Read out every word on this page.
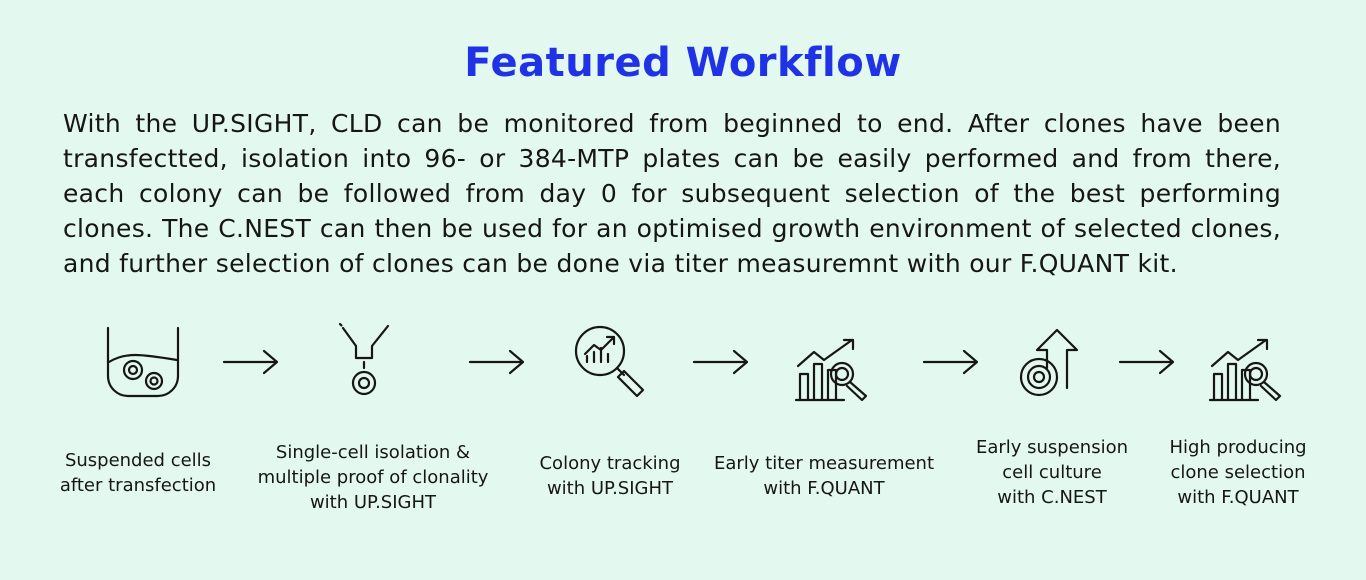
Featured Workflow
With the UP.SIGHT, CLD can be monitored from beginned to end. After clones have been transfectted, isolation into 96- or 384-MTP plates can be easily performed and from there, each colony can be followed from day 0 for subsequent selection of the best performing clones. The C.NEST can then be used for an optimised growth environment of selected clones, and further selection of clones can be done via titer measuremnt with our F.QUANT kit.
Suspended cells
after transfection
Single-cell isolation &
multiple proof of clonality
with UP.SIGHT
Colony tracking
with UP.SIGHT
Early titer measurement
with F.QUANT
Early suspension
cell culture
with C.NEST
High producing
clone selection
with F.QUANT
